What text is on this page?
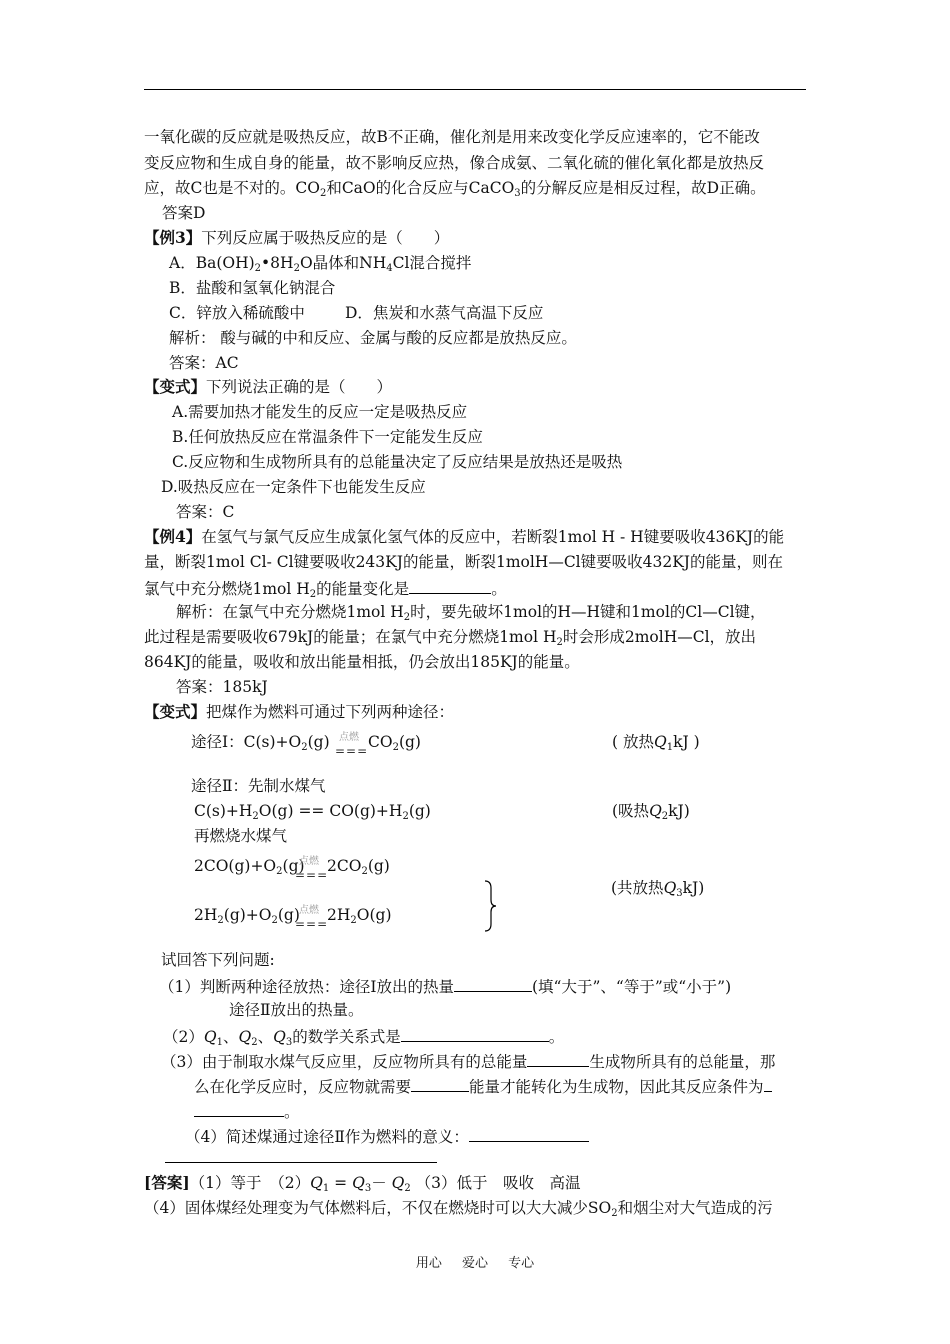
一氧化碳的反应就是吸热反应，故B不正确，催化剂是用来改变化学反应速率的，它不能改
变反应物和生成自身的能量，故不影响反应热，像合成氨、二氧化硫的催化氧化都是放热反
应，故C也是不对的。$CO_2$和CaO的化合反应与CaCO$_3$的分解反应是相反过程，故D正确。
答案D
【例3】下列反应属于吸热反应的是（　　）
A．$Ba(OH)_2•8H_2O$晶体和$NH_4Cl$混合搅拌
B．盐酸和氢氧化钠混合
C．锌放入稀硫酸中	D．焦炭和水蒸气高温下反应
解析： 酸与碱的中和反应、金属与酸的反应都是放热反应。
答案：AC
【变式】下列说法正确的是（　　）
A.需要加热才能发生的反应一定是吸热反应
B.任何放热反应在常温条件下一定能发生反应
C.反应物和生成物所具有的总能量决定了反应结果是放热还是吸热
D.吸热反应在一定条件下也能发生反应
答案：C
【例4】在氢气与氯气反应生成氯化氢气体的反应中，若断裂1mol H - H键要吸收436KJ的能
量，断裂1mol Cl- Cl键要吸收243KJ的能量，断裂1molH—Cl键要吸收432KJ的能量，则在
氯气中充分燃烧1mol $H_2$的能量变化是	。
解析：在氯气中充分燃烧1mol $H_2$时，要先破坏1mol的H—H键和1mol的Cl—Cl键，
此过程是需要吸收679kJ的能量；在氯气中充分燃烧1mol $H_2$时会形成2molH—Cl，放出
864KJ的能量，吸收和放出能量相抵，仍会放出185KJ的能量。
答案：185kJ
【变式】把煤作为燃料可通过下列两种途径：
途径Ⅰ：$C(s)+O_2(g)$ 点燃
=== $CO_2(g)$	( 放热$Q_1kJ$ )
途径Ⅱ：先制水煤气
$C(s)+H_2O(g) == CO(g)+H_2(g)$	(吸热$Q_2kJ$)
再燃烧水煤气
$2CO(g)+O_2(g)$
点燃
===
$2CO_2(g)$
(共放热$Q_3kJ$)
$2H_2(g)+O_2(g)$ 点燃
===
$2H_2O(g)$
试回答下列问题:
（1）判断两种途径放热：途径Ⅰ放出的热量	(填“大于”、“等于”或“小于”)
途径Ⅱ放出的热量。
$(2)Q_1$、$Q_2$、$Q_3$的数学关系式是	。
（3）由于制取水煤气反应里，反应物所具有的总能量	生成物所具有的总能量，那
么在化学反应时，反应物就需要	能量才能转化为生成物，因此其反应条件为
。
（4）简述煤通过途径Ⅱ作为燃料的意义：
[答案]（1）等于　$(2)Q_1 = Q_3- Q_2$ （3）低于　吸收　高温
（4）固体煤经处理变为气体燃料后，不仅在燃烧时可以大大减少$SO_2$和烟尘对大气造成的污
用心 爱心 专心
